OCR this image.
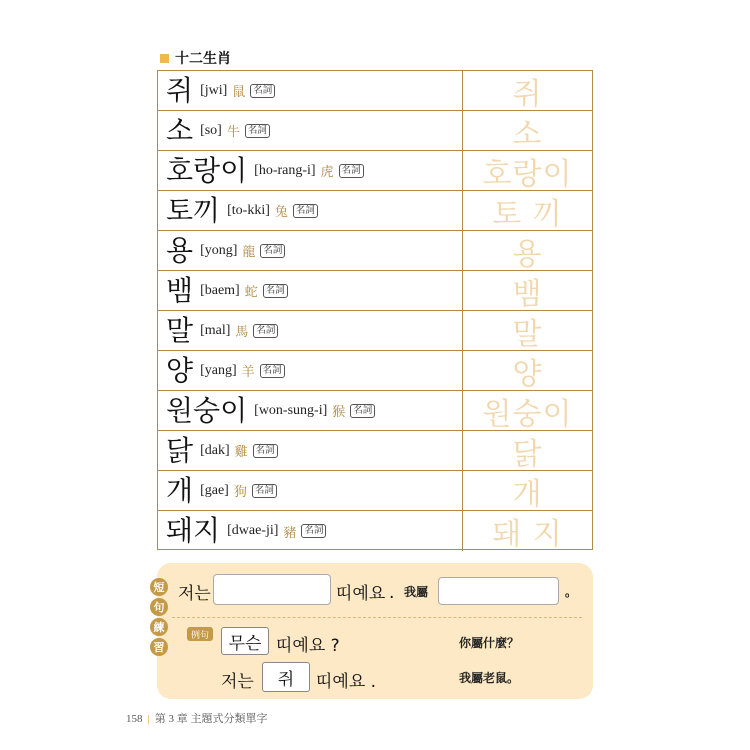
十二生肖
쥐 [jwi] 鼠 名詞	쥐
소 [so] 牛 名詞	소
호랑이 [ho-rang-i] 虎 名詞	호랑이
토끼 [to-kki] 兔 名詞	토 끼
용 [yong] 龍 名詞	용
뱀 [baem] 蛇 名詞	뱀
말 [mal] 馬 名詞	말
양 [yang] 羊 名詞	양
원숭이 [won-sung-i] 猴 名詞	원숭이
닭 [dak] 雞 名詞	닭
개 [gae] 狗 名詞	개
돼지 [dwae-ji] 豬 名詞	돼 지
短
句
練
習
저는	띠예요 . 我屬	。
例句	무슨 띠예요 ?	你屬什麼？
저는	쥐	띠예요 .	我屬老鼠。
158 | 第 3 章 主題式分類單字
